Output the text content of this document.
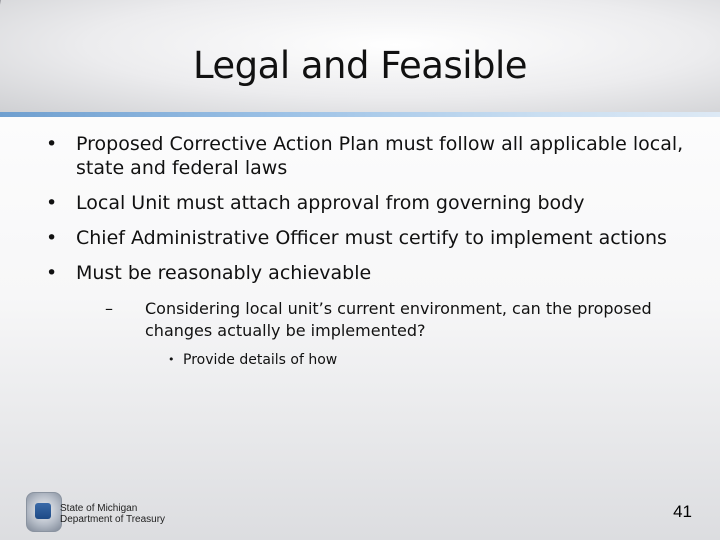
Legal and Feasible
• Proposed Corrective Action Plan must follow all applicable local, state and federal laws
• Local Unit must attach approval from governing body
• Chief Administrative Officer must certify to implement actions
• Must be reasonably achievable
– Considering local unit’s current environment, can the proposed changes actually be implemented?
• Provide details of how
State of Michigan
Department of Treasury	41
